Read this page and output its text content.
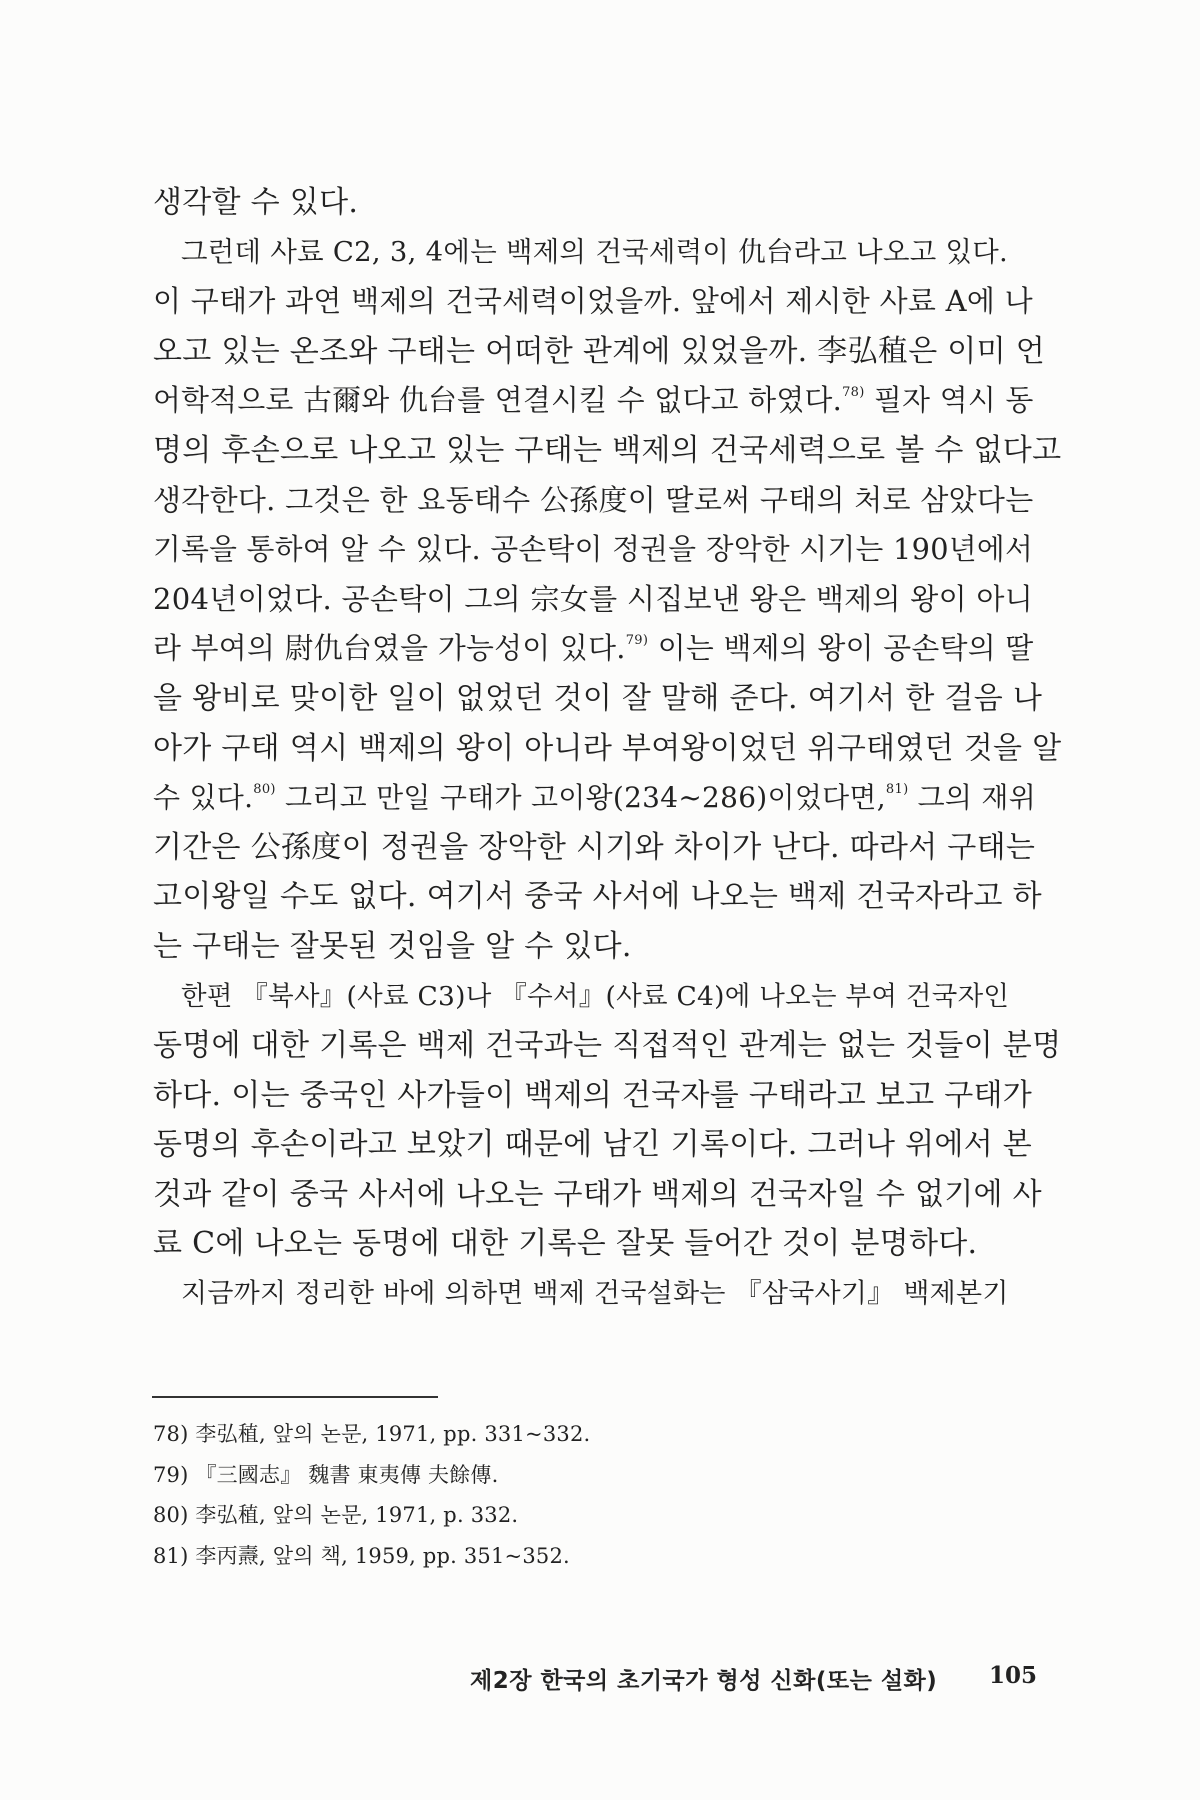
생각할 수 있다.
그런데 사료 C2, 3, 4에는 백제의 건국세력이 仇台라고 나오고 있다.
이 구태가 과연 백제의 건국세력이었을까. 앞에서 제시한 사료 A에 나
오고 있는 온조와 구태는 어떠한 관계에 있었을까. 李弘稙은 이미 언
어학적으로 古爾와 仇台를 연결시킬 수 없다고 하였다.$^{78)}$ 필자 역시 동
명의 후손으로 나오고 있는 구태는 백제의 건국세력으로 볼 수 없다고
생각한다. 그것은 한 요동태수 公孫度이 딸로써 구태의 처로 삼았다는
기록을 통하여 알 수 있다. 공손탁이 정권을 장악한 시기는 190년에서
204년이었다. 공손탁이 그의 宗女를 시집보낸 왕은 백제의 왕이 아니
라 부여의 尉仇台였을 가능성이 있다.$^{79)}$ 이는 백제의 왕이 공손탁의 딸
을 왕비로 맞이한 일이 없었던 것이 잘 말해 준다. 여기서 한 걸음 나
아가 구태 역시 백제의 왕이 아니라 부여왕이었던 위구태였던 것을 알
수 있다.$^{80)}$ 그리고 만일 구태가 고이왕(234~286)이었다면,$^{81)}$ 그의 재위
기간은 公孫度이 정권을 장악한 시기와 차이가 난다. 따라서 구태는
고이왕일 수도 없다. 여기서 중국 사서에 나오는 백제 건국자라고 하
는 구태는 잘못된 것임을 알 수 있다.
한편 『북사』(사료 C3)나 『수서』(사료 C4)에 나오는 부여 건국자인
동명에 대한 기록은 백제 건국과는 직접적인 관계는 없는 것들이 분명
하다. 이는 중국인 사가들이 백제의 건국자를 구태라고 보고 구태가
동명의 후손이라고 보았기 때문에 남긴 기록이다. 그러나 위에서 본
것과 같이 중국 사서에 나오는 구태가 백제의 건국자일 수 없기에 사
료 C에 나오는 동명에 대한 기록은 잘못 들어간 것이 분명하다.
지금까지 정리한 바에 의하면 백제 건국설화는 『삼국사기』 백제본기
78) 李弘稙, 앞의 논문, 1971, pp. 331~332.
79) 『三國志』 魏書 東夷傳 夫餘傳.
80) 李弘稙, 앞의 논문, 1971, p. 332.
81) 李丙燾, 앞의 책, 1959, pp. 351~352.
제2장 한국의 초기국가 형성 신화(또는 설화) 105
